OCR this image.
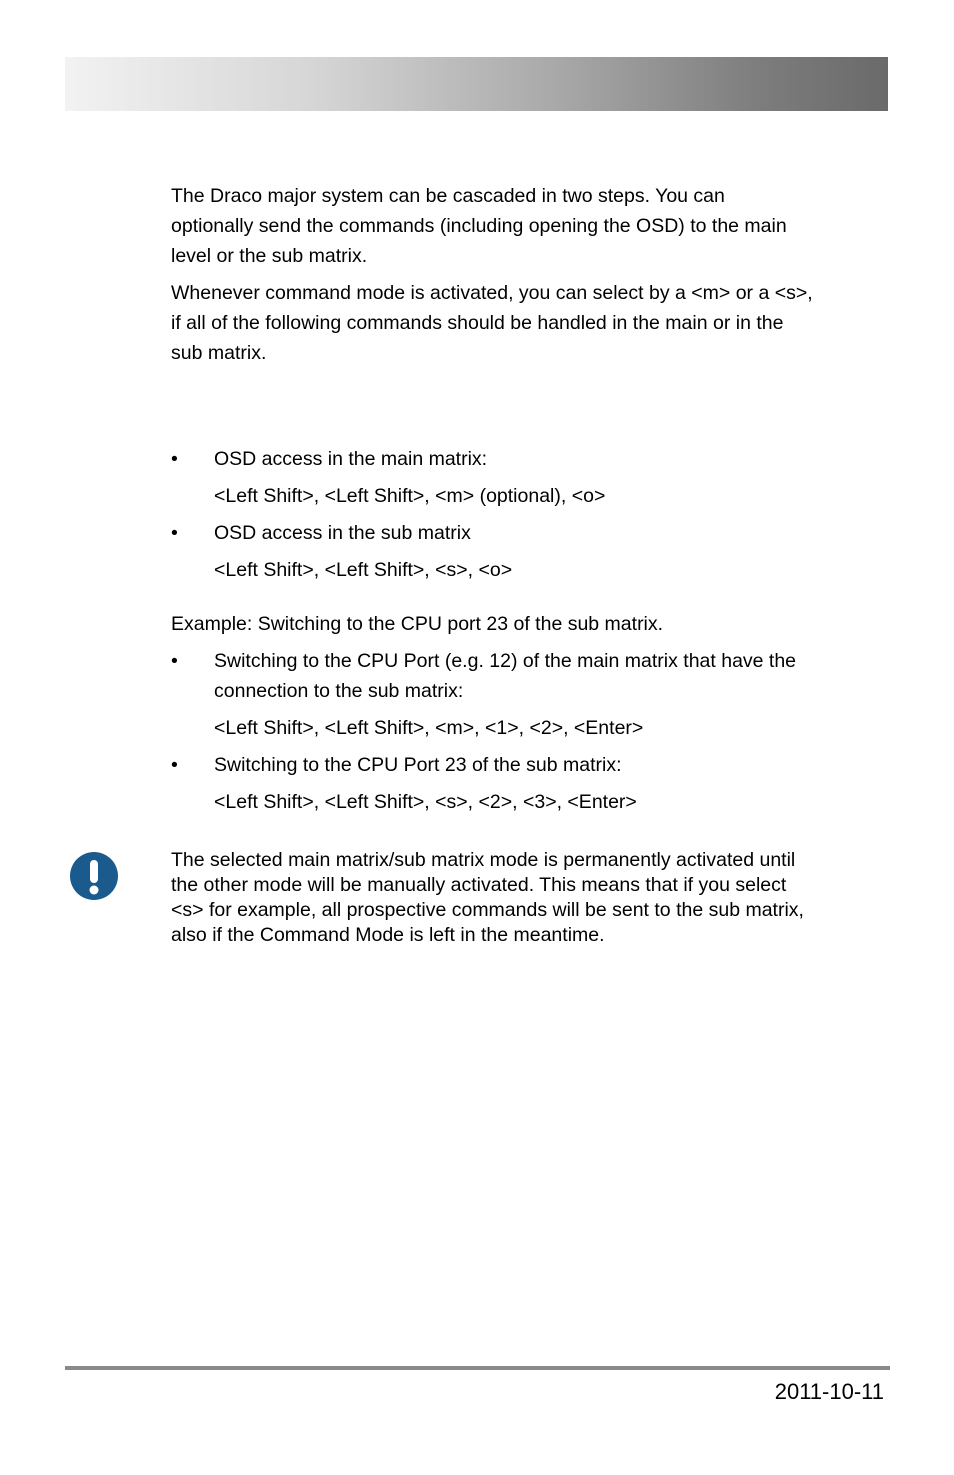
The Draco major system can be cascaded in two steps. You can
optionally send the commands (including opening the OSD) to the main
level or the sub matrix.
Whenever command mode is activated, you can select by a <m> or a <s>,
if all of the following commands should be handled in the main or in the
sub matrix.
•	OSD access in the main matrix:
<Left Shift>, <Left Shift>, <m> (optional), <o>
•	OSD access in the sub matrix
<Left Shift>, <Left Shift>, <s>, <o>
Example: Switching to the CPU port 23 of the sub matrix.
•	Switching to the CPU Port (e.g. 12) of the main matrix that have the
connection to the sub matrix:
<Left Shift>, <Left Shift>, <m>, <1>, <2>, <Enter>
•	Switching to the CPU Port 23 of the sub matrix:
<Left Shift>, <Left Shift>, <s>, <2>, <3>, <Enter>
The selected main matrix/sub matrix mode is permanently activated until
the other mode will be manually activated. This means that if you select
<s> for example, all prospective commands will be sent to the sub matrix,
also if the Command Mode is left in the meantime.
2011-10-11
